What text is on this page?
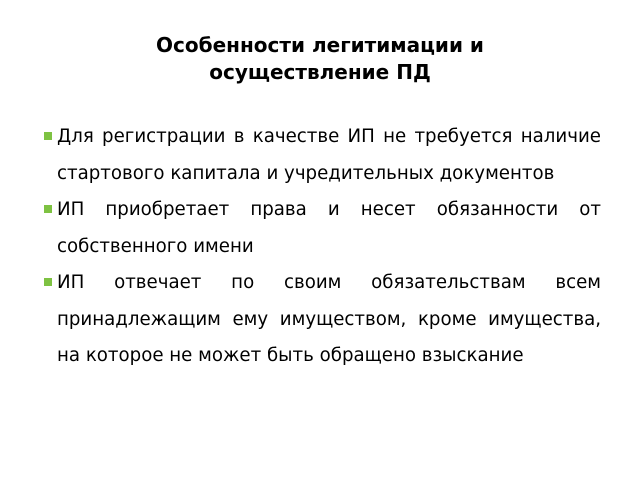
Особенности легитимации и
осуществление ПД
Для регистрации в качестве ИП не требуется наличие стартового капитала и учредительных документов
ИП приобретает права и несет обязанности от собственного имени
ИП отвечает по своим обязательствам всем принадлежащим ему имуществом, кроме имущества, на которое не может быть обращено взыскание
